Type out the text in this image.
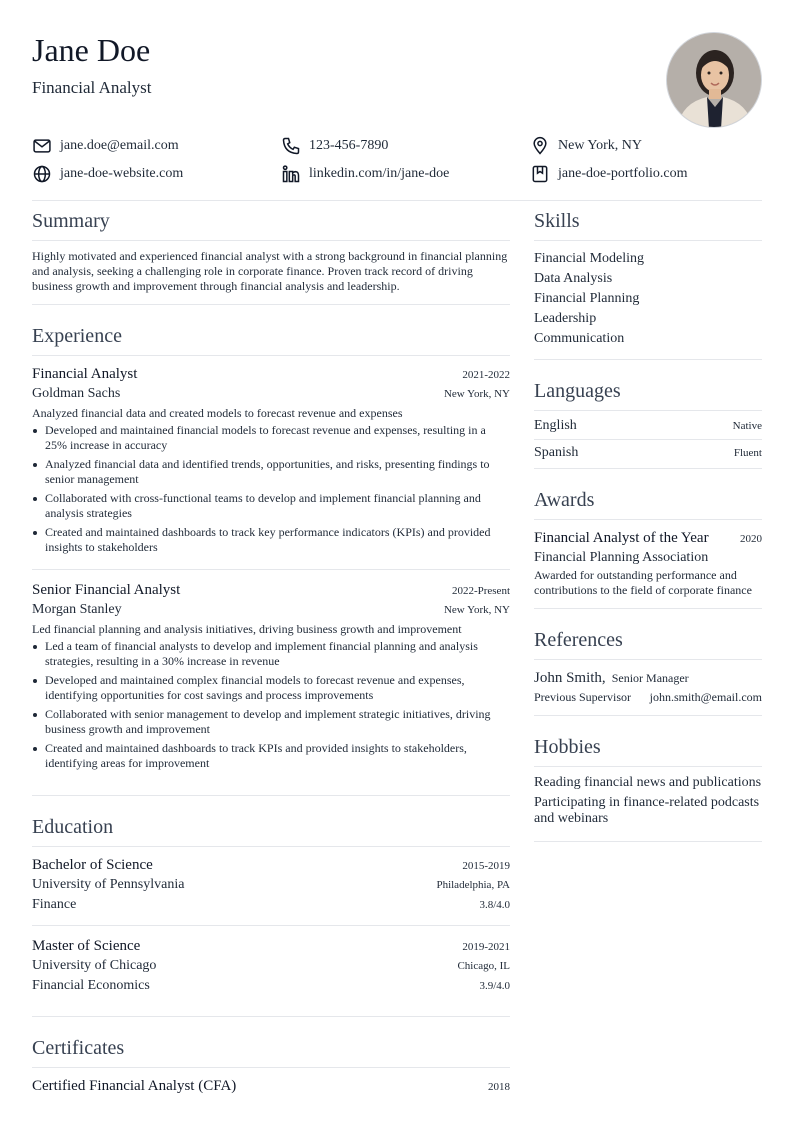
Jane Doe
Financial Analyst
jane.doe@email.com	123-456-7890	New York, NY
jane-doe-website.com	linkedin.com/in/jane-doe	jane-doe-portfolio.com
Summary
Highly motivated and experienced financial analyst with a strong background in financial planning and analysis, seeking a challenging role in corporate finance. Proven track record of driving business growth and improvement through financial analysis and leadership.
Experience
Financial Analyst	2021-2022
Goldman Sachs	New York, NY
Analyzed financial data and created models to forecast revenue and expenses
Developed and maintained financial models to forecast revenue and expenses, resulting in a 25% increase in accuracy
Analyzed financial data and identified trends, opportunities, and risks, presenting findings to senior management
Collaborated with cross-functional teams to develop and implement financial planning and analysis strategies
Created and maintained dashboards to track key performance indicators (KPIs) and provided insights to stakeholders
Senior Financial Analyst	2022-Present
Morgan Stanley	New York, NY
Led financial planning and analysis initiatives, driving business growth and improvement
Led a team of financial analysts to develop and implement financial planning and analysis strategies, resulting in a 30% increase in revenue
Developed and maintained complex financial models to forecast revenue and expenses, identifying opportunities for cost savings and process improvements
Collaborated with senior management to develop and implement strategic initiatives, driving business growth and improvement
Created and maintained dashboards to track KPIs and provided insights to stakeholders, identifying areas for improvement
Education
Bachelor of Science	2015-2019
University of Pennsylvania	Philadelphia, PA
Finance	3.8/4.0
Master of Science	2019-2021
University of Chicago	Chicago, IL
Financial Economics	3.9/4.0
Certificates
Certified Financial Analyst (CFA)	2018
Skills
Financial Modeling
Data Analysis
Financial Planning
Leadership
Communication
Languages
English	Native
Spanish	Fluent
Awards
Financial Analyst of the Year	2020
Financial Planning Association
Awarded for outstanding performance and contributions to the field of corporate finance
References
John Smith, Senior Manager
Previous Supervisor john.smith@email.com
Hobbies
Reading financial news and publications
Participating in finance-related podcasts and webinars
